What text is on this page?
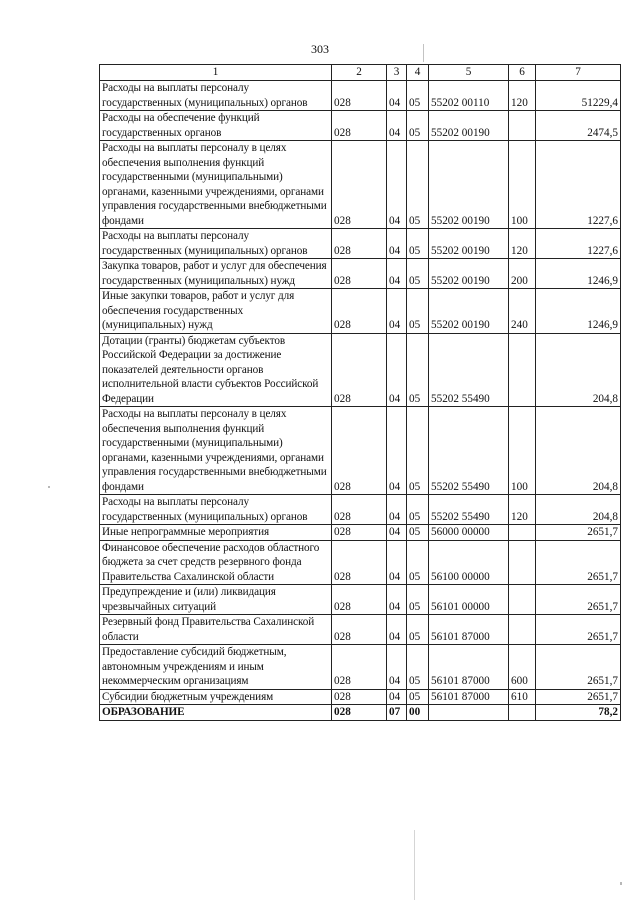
303
1	2	3	4	5	6	7
Расходы на выплаты персоналу государственных (муниципальных) органов	028	04	05	55202 00110	120	51229,4
Расходы на обеспечение функций государственных органов	028	04	05	55202 00190		2474,5
Расходы на выплаты персоналу в целях обеспечения выполнения функций государственными (муниципальными) органами, казенными учреждениями, органами управления государственными внебюджетными фондами	028	04	05	55202 00190	100	1227,6
Расходы на выплаты персоналу государственных (муниципальных) органов	028	04	05	55202 00190	120	1227,6
Закупка товаров, работ и услуг для обеспечения государственных (муниципальных) нужд	028	04	05	55202 00190	200	1246,9
Иные закупки товаров, работ и услуг для обеспечения государственных (муниципальных) нужд	028	04	05	55202 00190	240	1246,9
Дотации (гранты) бюджетам субъектов Российской Федерации за достижение показателей деятельности органов исполнительной власти субъектов Российской Федерации	028	04	05	55202 55490		204,8
Расходы на выплаты персоналу в целях обеспечения выполнения функций государственными (муниципальными) органами, казенными учреждениями, органами управления государственными внебюджетными фондами	028	04	05	55202 55490	100	204,8
Расходы на выплаты персоналу государственных (муниципальных) органов	028	04	05	55202 55490	120	204,8
Иные непрограммные мероприятия	028	04	05	56000 00000		2651,7
Финансовое обеспечение расходов областного бюджета за счет средств резервного фонда Правительства Сахалинской области	028	04	05	56100 00000		2651,7
Предупреждение и (или) ликвидация чрезвычайных ситуаций	028	04	05	56101 00000		2651,7
Резервный фонд Правительства Сахалинской области	028	04	05	56101 87000		2651,7
Предоставление субсидий бюджетным, автономным учреждениям и иным некоммерческим организациям	028	04	05	56101 87000	600	2651,7
Субсидии бюджетным учреждениям	028	04	05	56101 87000	610	2651,7
ОБРАЗОВАНИЕ	028	07	00			78,2
